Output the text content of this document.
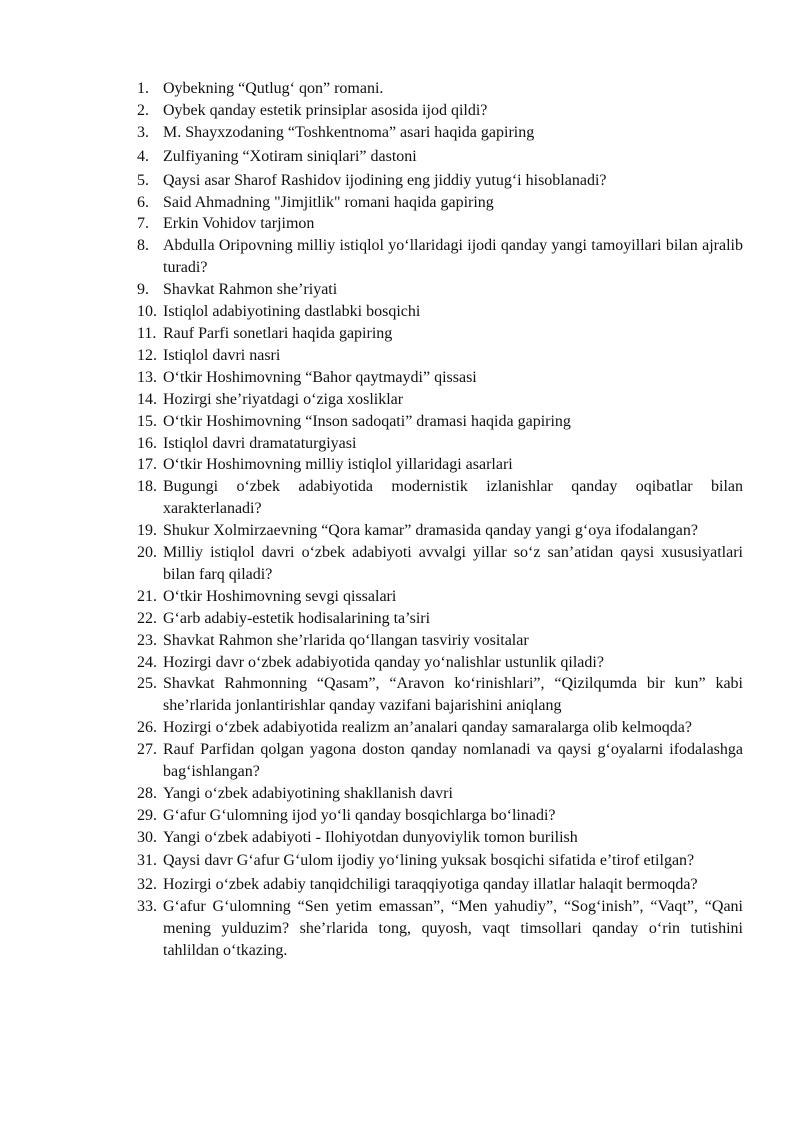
1. Oybekning “Qutlug‘ qon” romani.
2. Oybek qanday estetik prinsiplar asosida ijod qildi?
3. M. Shayxzodaning “Toshkentnoma” asari haqida gapiring
4. Zulfiyaning “Xotiram siniqlari” dastoni
5. Qaysi asar Sharof Rashidov ijodining eng jiddiy yutug‘i hisoblanadi?
6. Said Ahmadning "Jimjitlik" romani haqida gapiring
7. Erkin Vohidov tarjimon
8. Abdulla Oripovning milliy istiqlol yo‘llaridagi ijodi qanday yangi tamoyillari bilan ajralib turadi?
9. Shavkat Rahmon she’riyati
10. Istiqlol adabiyotining dastlabki bosqichi
11. Rauf Parfi sonetlari haqida gapiring
12. Istiqlol davri nasri
13. O‘tkir Hoshimovning “Bahor qaytmaydi” qissasi
14. Hozirgi she’riyatdagi o‘ziga xosliklar
15. O‘tkir Hoshimovning “Inson sadoqati” dramasi haqida gapiring
16. Istiqlol davri dramataturgiyasi
17. O‘tkir Hoshimovning milliy istiqlol yillaridagi asarlari
18. Bugungi o‘zbek adabiyotida modernistik izlanishlar qanday oqibatlar bilan xarakterlanadi?
19. Shukur Xolmirzaevning “Qora kamar” dramasida qanday yangi g‘oya ifodalangan?
20. Milliy istiqlol davri o‘zbek adabiyoti avvalgi yillar so‘z san’atidan qaysi xususiyatlari bilan farq qiladi?
21. O‘tkir Hoshimovning sevgi qissalari
22. G‘arb adabiy-estetik hodisalarining ta’siri
23. Shavkat Rahmon she’rlarida qo‘llangan tasviriy vositalar
24. Hozirgi davr o‘zbek adabiyotida qanday yo‘nalishlar ustunlik qiladi?
25. Shavkat Rahmonning “Qasam”, “Aravon ko‘rinishlari”, “Qizilqumda bir kun” kabi she’rlarida jonlantirishlar qanday vazifani bajarishini aniqlang
26. Hozirgi o‘zbek adabiyotida realizm an’analari qanday samaralarga olib kelmoqda?
27. Rauf Parfidan qolgan yagona doston qanday nomlanadi va qaysi g‘oyalarni ifodalashga bag‘ishlangan?
28. Yangi o‘zbek adabiyotining shakllanish davri
29. G‘afur G‘ulomning ijod yo‘li qanday bosqichlarga bo‘linadi?
30. Yangi o‘zbek adabiyoti - Ilohiyotdan dunyoviylik tomon burilish
31. Qaysi davr G‘afur G‘ulom ijodiy yo‘lining yuksak bosqichi sifatida e’tirof etilgan?
32. Hozirgi o‘zbek adabiy tanqidchiligi taraqqiyotiga qanday illatlar halaqit bermoqda?
33. G‘afur G‘ulomning “Sen yetim emassan”, “Men yahudiy”, “Sog‘inish”, “Vaqt”, “Qani mening yulduzim? she’rlarida tong, quyosh, vaqt timsollari qanday o‘rin tutishini tahlildan o‘tkazing.
